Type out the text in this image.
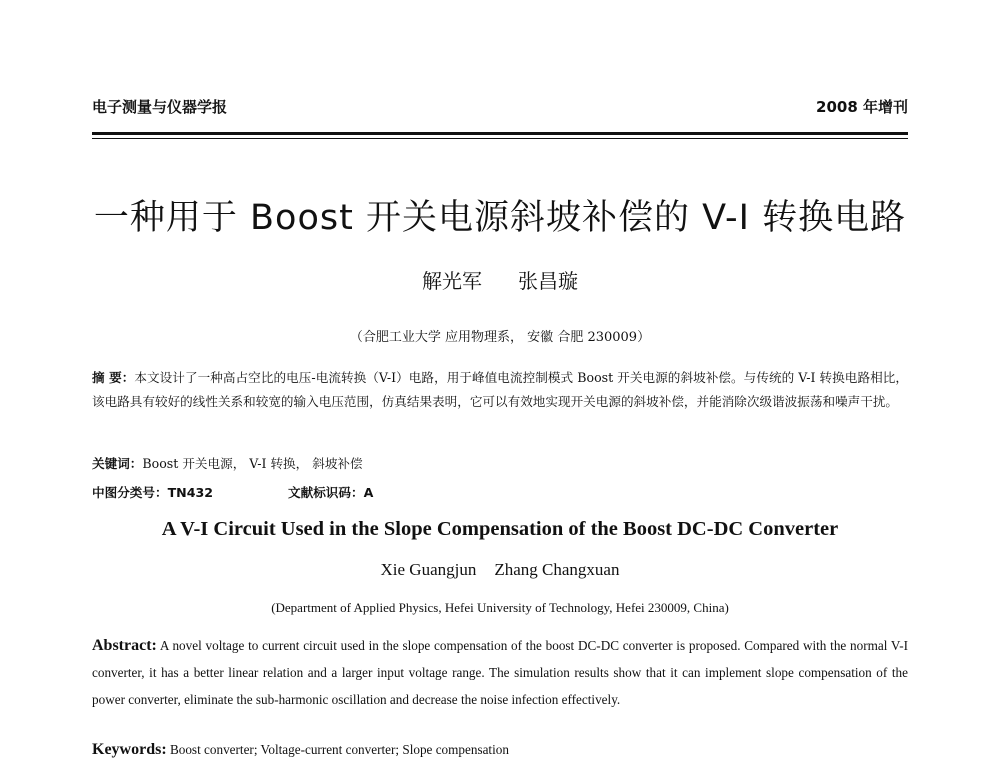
电子测量与仪器学报	2008 年增刊
一种用于 Boost 开关电源斜坡补偿的 V-I 转换电路
解光军 张昌璇
（合肥工业大学 应用物理系， 安徽 合肥 230009）
摘 要：本文设计了一种高占空比的电压-电流转换（V-I）电路，用于峰值电流控制模式 Boost 开关电源的斜坡补偿。与传统的 V-I 转换电路相比，该电路具有较好的线性关系和较宽的输入电压范围，仿真结果表明，它可以有效地实现开关电源的斜坡补偿，并能消除次级谐波振荡和噪声干扰。
关键词：Boost 开关电源， V-I 转换， 斜坡补偿
中图分类号：TN432	文献标识码：A
A V-I Circuit Used in the Slope Compensation of the Boost DC-DC Converter
Xie Guangjun Zhang Changxuan
(Department of Applied Physics, Hefei University of Technology, Hefei 230009, China)
Abstract: A novel voltage to current circuit used in the slope compensation of the boost DC-DC converter is proposed. Compared with the normal V-I converter, it has a better linear relation and a larger input voltage range. The simulation results show that it can implement slope compensation of the power converter, eliminate the sub-harmonic oscillation and decrease the noise infection effectively.
Keywords: Boost converter; Voltage-current converter; Slope compensation
